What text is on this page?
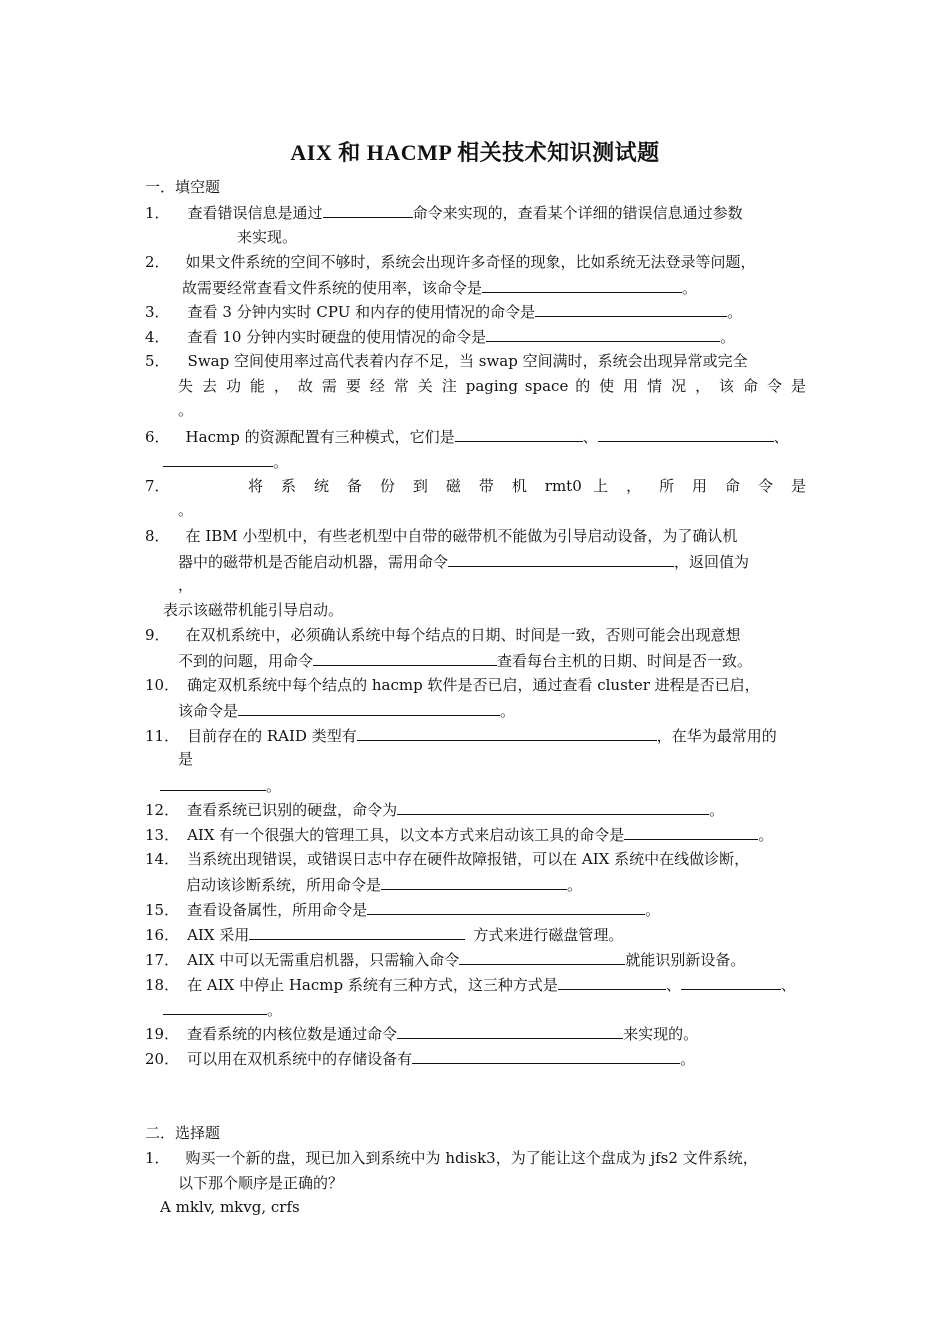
AIX 和 HACMP 相关技术知识测试题
一．填空题
1． 查看错误信息是通过	命令来实现的，查看某个详细的错误信息通过参数
来实现。
2． 如果文件系统的空间不够时，系统会出现许多奇怪的现象，比如系统无法登录等问题，
故需要经常查看文件系统的使用率，该命令是	。
3． 查看 3 分钟内实时 CPU 和内存的使用情况的命令是	。
4． 查看 10 分钟内实时硬盘的使用情况的命令是	。
5． Swap 空间使用率过高代表着内存不足，当 swap 空间满时，系统会出现异常或完全
失 去 功 能 ， 故 需 要 经 常 关 注 paging space 的 使 用 情 况 ， 该 命 令 是
。
6． Hacmp 的资源配置有三种模式，它们是	、	、
。
7．	将 系 统 备 份 到 磁 带 机 rmt0 上 ， 所 用 命 令 是
。
8． 在 IBM 小型机中，有些老机型中自带的磁带机不能做为引导启动设备，为了确认机
器中的磁带机是否能启动机器，需用命令	，返回值为
，
表示该磁带机能引导启动。
9． 在双机系统中，必须确认系统中每个结点的日期、时间是一致，否则可能会出现意想
不到的问题，用命令	查看每台主机的日期、时间是否一致。
10． 确定双机系统中每个结点的 hacmp 软件是否已启，通过查看 cluster 进程是否已启，
该命令是	。
11． 目前存在的 RAID 类型有	，在华为最常用的
是
。
12． 查看系统已识别的硬盘，命令为	。
13． AIX 有一个很强大的管理工具，以文本方式来启动该工具的命令是	。
14． 当系统出现错误，或错误日志中存在硬件故障报错，可以在 AIX 系统中在线做诊断，
启动该诊断系统，所用命令是	。
15． 查看设备属性，所用命令是	。
16． AIX 采用	方式来进行磁盘管理。
17． AIX 中可以无需重启机器，只需输入命令	就能识别新设备。
18． 在 AIX 中停止 Hacmp 系统有三种方式，这三种方式是	、	、
。
19． 查看系统的内核位数是通过命令	来实现的。
20． 可以用在双机系统中的存储设备有	。
二．选择题
1． 购买一个新的盘，现已加入到系统中为 hdisk3，为了能让这个盘成为 jfs2 文件系统，
以下那个顺序是正确的？
A mklv, mkvg, crfs
